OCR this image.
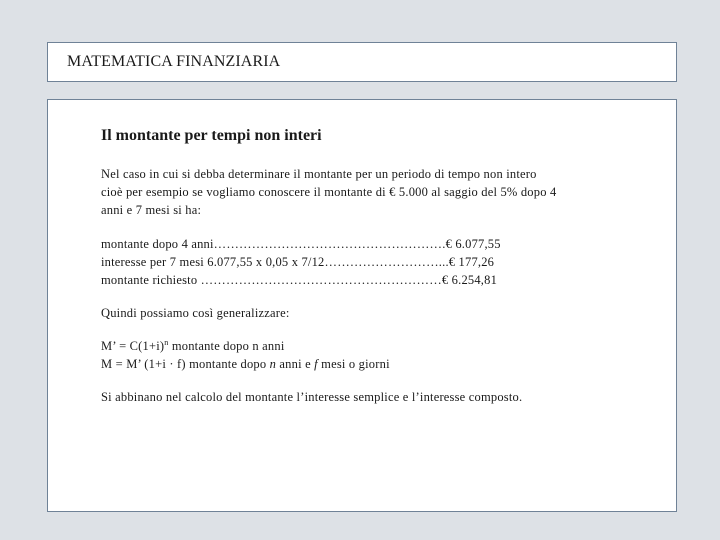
MATEMATICA FINANZIARIA
Il montante per tempi non interi
Nel caso in cui si debba determinare il montante per un periodo di tempo non intero
cioè per esempio se vogliamo conoscere il montante di € 5.000 al saggio del 5% dopo 4
anni e 7 mesi si ha:
montante dopo 4 anni……………………………………………….€ 6.077,55
interesse per 7 mesi 6.077,55 x 0,05 x 7/12………………………...€ 177,26
montante richiesto …………………………………………………€ 6.254,81
Quindi possiamo così generalizzare:
M’ = $C(1+i)^n$ montante dopo n anni
M = M’ (1+i · f) montante dopo n anni e f mesi o giorni
Si abbinano nel calcolo del montante l’interesse semplice e l’interesse composto.
